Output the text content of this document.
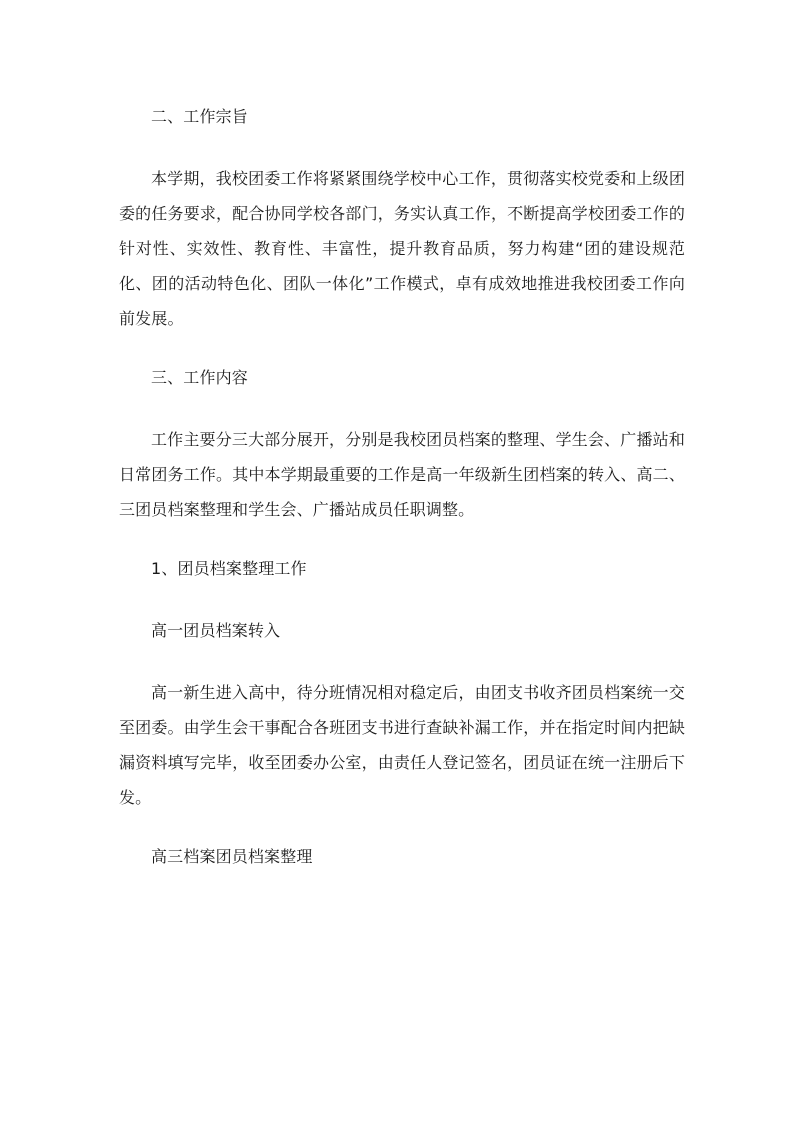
二、工作宗旨

本学期，我校团委工作将紧紧围绕学校中心工作，贯彻落实校党委和上级团委的任务要求，配合协同学校各部门，务实认真工作，不断提高学校团委工作的针对性、实效性、教育性、丰富性，提升教育品质，努力构建“团的建设规范化、团的活动特色化、团队一体化”工作模式，卓有成效地推进我校团委工作向前发展。

三、工作内容

工作主要分三大部分展开，分别是我校团员档案的整理、学生会、广播站和日常团务工作。其中本学期最重要的工作是高一年级新生团档案的转入、高二、三团员档案整理和学生会、广播站成员任职调整。

1、团员档案整理工作

高一团员档案转入

高一新生进入高中，待分班情况相对稳定后，由团支书收齐团员档案统一交至团委。由学生会干事配合各班团支书进行查缺补漏工作，并在指定时间内把缺漏资料填写完毕，收至团委办公室，由责任人登记签名，团员证在统一注册后下发。

高三档案团员档案整理
